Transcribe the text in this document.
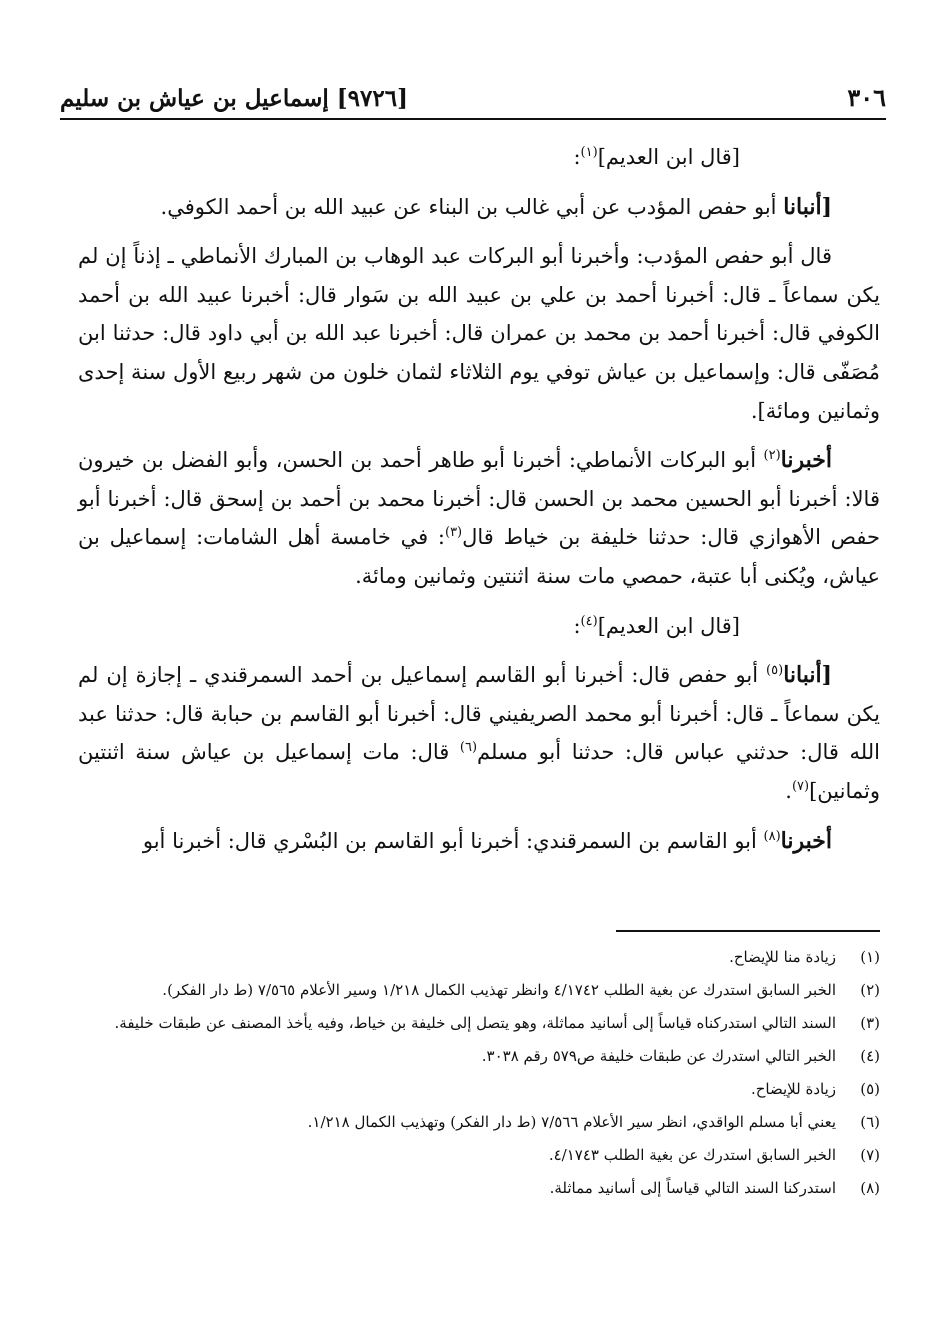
٣٠٦
[٩٧٢٦] إسماعيل بن عياش بن سليم

[قال ابن العديم]$^{(١)}$:

[أنبانا أبو حفص المؤدب عن أبي غالب بن البناء عن عبيد الله بن أحمد الكوفي.

قال أبو حفص المؤدب: وأخبرنا أبو البركات عبد الوهاب بن المبارك الأنماطي ـ إذناً إن لم يكن سماعاً ـ قال: أخبرنا أحمد بن علي بن عبيد الله بن سَوار قال: أخبرنا عبيد الله بن أحمد الكوفي قال: أخبرنا أحمد بن محمد بن عمران قال: أخبرنا عبد الله بن أبي داود قال: حدثنا ابن مُصَفّى قال: وإسماعيل بن عياش توفي يوم الثلاثاء لثمان خلون من شهر ربيع الأول سنة إحدى وثمانين ومائة].

أخبرنا$^{(٢)}$ أبو البركات الأنماطي: أخبرنا أبو طاهر أحمد بن الحسن، وأبو الفضل بن خيرون قالا: أخبرنا أبو الحسين محمد بن الحسن قال: أخبرنا محمد بن أحمد بن إسحق قال: أخبرنا أبو حفص الأهوازي قال: حدثنا خليفة بن خياط قال$^{(٣)}$: في خامسة أهل الشامات: إسماعيل بن عياش، ويُكنى أبا عتبة، حمصي مات سنة اثنتين وثمانين ومائة.

[قال ابن العديم]$^{(٤)}$:

[أنبانا$^{(٥)}$ أبو حفص قال: أخبرنا أبو القاسم إسماعيل بن أحمد السمرقندي ـ إجازة إن لم يكن سماعاً ـ قال: أخبرنا أبو محمد الصريفيني قال: أخبرنا أبو القاسم بن حبابة قال: حدثنا عبد الله قال: حدثني عباس قال: حدثنا أبو مسلم$^{(٦)}$ قال: مات إسماعيل بن عياش سنة اثنتين وثمانين]$^{(٧)}$.

أخبرنا$^{(٨)}$ أبو القاسم بن السمرقندي: أخبرنا أبو القاسم بن البُسْري قال: أخبرنا أبو

(١)
زيادة منا للإيضاح.
(٢)
الخبر السابق استدرك عن بغية الطلب ٤/١٧٤٢ وانظر تهذيب الكمال ١/٢١٨ وسير الأعلام ٧/٥٦٥ (ط دار الفكر).
(٣)
السند التالي استدركناه قياساً إلى أسانيد مماثلة، وهو يتصل إلى خليفة بن خياط، وفيه يأخذ المصنف عن طبقات خليفة.
(٤)
الخبر التالي استدرك عن طبقات خليفة ص٥٧٩ رقم ٣٠٣٨.
(٥)
زيادة للإيضاح.
(٦)
يعني أبا مسلم الواقدي، انظر سير الأعلام ٧/٥٦٦ (ط دار الفكر) وتهذيب الكمال ١/٢١٨.
(٧)
الخبر السابق استدرك عن بغية الطلب ٤/١٧٤٣.
(٨)
استدركنا السند التالي قياساً إلى أسانيد مماثلة.
